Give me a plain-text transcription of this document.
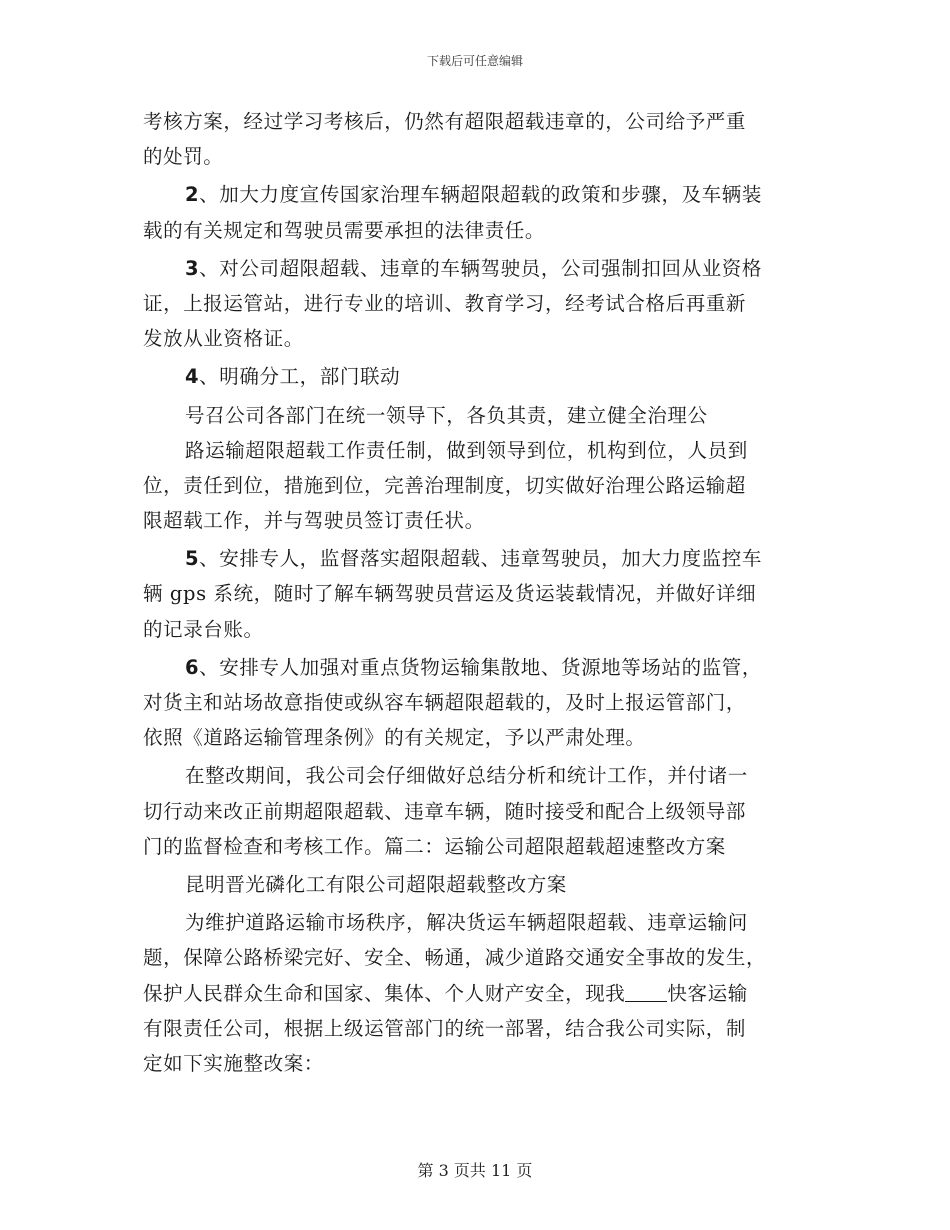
下载后可任意编辑
考核方案，经过学习考核后，仍然有超限超载违章的，公司给予严重
的处罚。
2、加大力度宣传国家治理车辆超限超载的政策和步骤，及车辆装
载的有关规定和驾驶员需要承担的法律责任。
3、对公司超限超载、违章的车辆驾驶员，公司强制扣回从业资格
证，上报运管站，进行专业的培训、教育学习，经考试合格后再重新
发放从业资格证。
4、明确分工，部门联动
号召公司各部门在统一领导下，各负其责，建立健全治理公
路运输超限超载工作责任制，做到领导到位，机构到位，人员到
位，责任到位，措施到位，完善治理制度，切实做好治理公路运输超
限超载工作，并与驾驶员签订责任状。
5、安排专人，监督落实超限超载、违章驾驶员，加大力度监控车
辆 gps 系统，随时了解车辆驾驶员营运及货运装载情况，并做好详细
的记录台账。
6、安排专人加强对重点货物运输集散地、货源地等场站的监管，
对货主和站场故意指使或纵容车辆超限超载的，及时上报运管部门，
依照《道路运输管理条例》的有关规定，予以严肃处理。
在整改期间，我公司会仔细做好总结分析和统计工作，并付诸一
切行动来改正前期超限超载、违章车辆，随时接受和配合上级领导部
门的监督检查和考核工作。篇二：运输公司超限超载超速整改方案
昆明晋光磷化工有限公司超限超载整改方案
为维护道路运输市场秩序，解决货运车辆超限超载、违章运输问
题，保障公路桥梁完好、安全、畅通，减少道路交通安全事故的发生，
保护人民群众生命和国家、集体、个人财产安全，现我 快客运输
有限责任公司，根据上级运管部门的统一部署，结合我公司实际，制
定如下实施整改案：
第 3 页共 11 页
